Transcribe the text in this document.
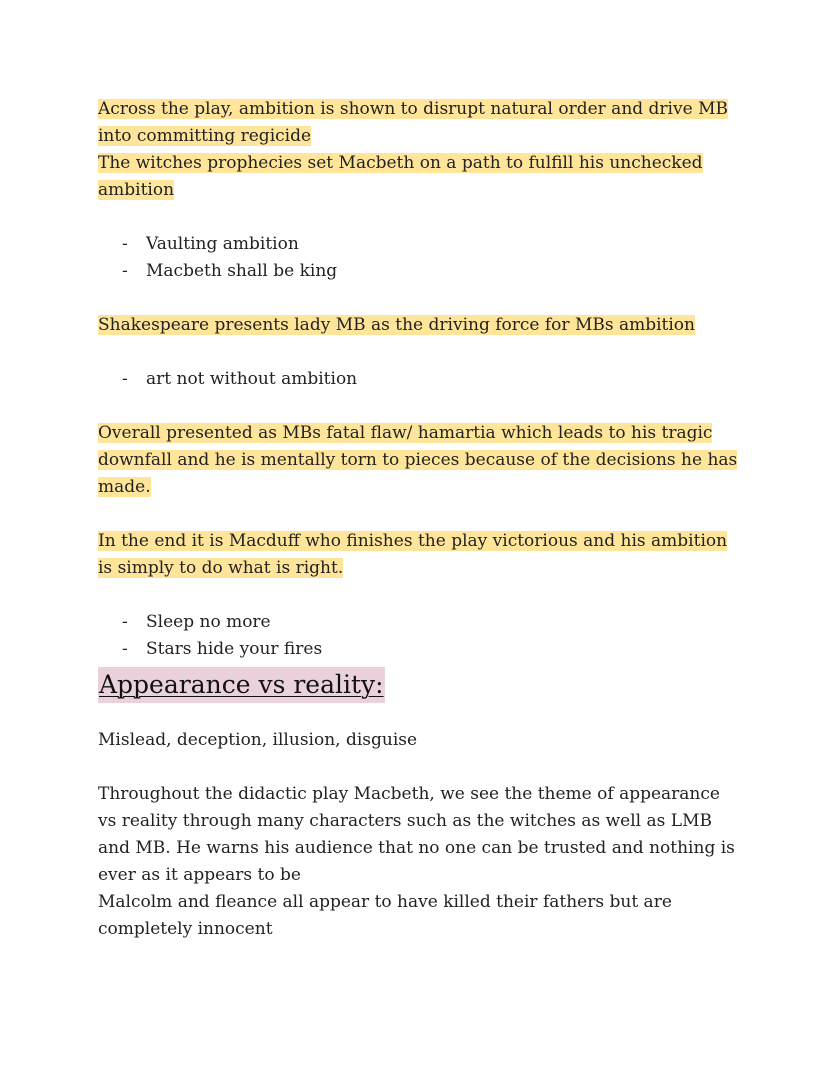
Across the play, ambition is shown to disrupt natural order and drive MB into committing regicide

The witches prophecies set Macbeth on a path to fulfill his unchecked ambition

- Vaulting ambition
- Macbeth shall be king

Shakespeare presents lady MB as the driving force for MBs ambition

- art not without ambition

Overall presented as MBs fatal flaw/ hamartia which leads to his tragic downfall and he is mentally torn to pieces because of the decisions he has made.

In the end it is Macduff who finishes the play victorious and his ambition is simply to do what is right.

- Sleep no more
- Stars hide your fires
Appearance vs reality:

Mislead, deception, illusion, disguise

Throughout the didactic play Macbeth, we see the theme of appearance vs reality through many characters such as the witches as well as LMB and MB. He warns his audience that no one can be trusted and nothing is ever as it appears to be

Malcolm and fleance all appear to have killed their fathers but are completely innocent
